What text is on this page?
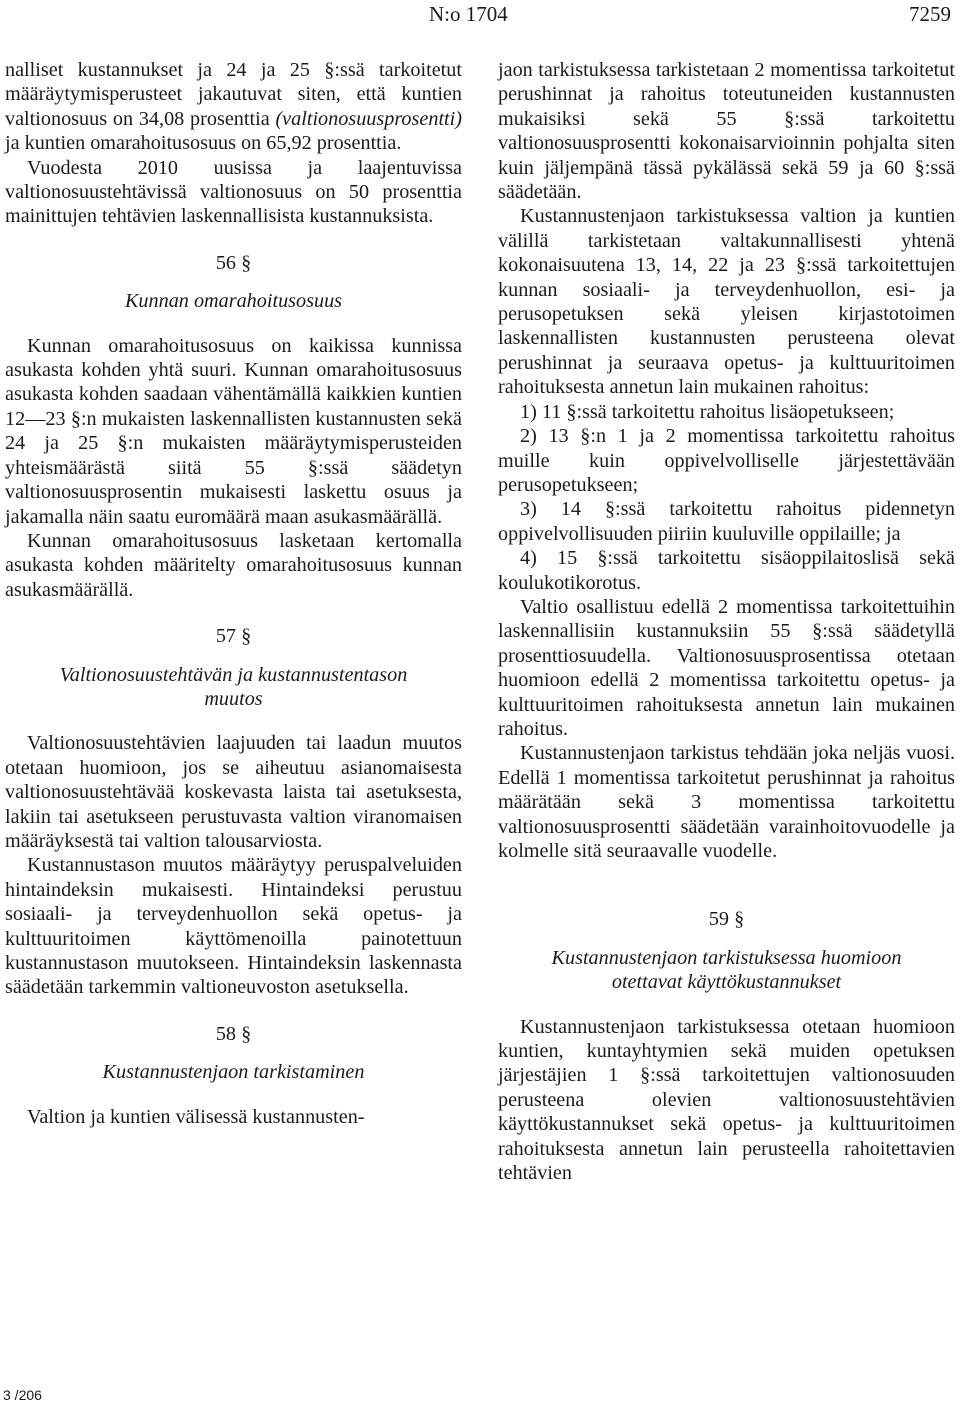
N:o 1704	7259

nalliset kustannukset ja 24 ja 25 §:ssä tarkoitetut määräytymisperusteet jakautuvat siten, että kuntien valtionosuus on 34,08 prosenttia (valtionosuusprosentti) ja kuntien omarahoitusosuus on 65,92 prosenttia.

Vuodesta 2010 uusissa ja laajentuvissa valtionosuustehtävissä valtionosuus on 50 prosenttia mainittujen tehtävien laskennallisista kustannuksista.

56 §
Kunnan omarahoitusosuus

Kunnan omarahoitusosuus on kaikissa kunnissa asukasta kohden yhtä suuri. Kunnan omarahoitusosuus asukasta kohden saadaan vähentämällä kaikkien kuntien 12—23 §:n mukaisten laskennallisten kustannusten sekä 24 ja 25 §:n mukaisten määräytymisperusteiden yhteismäärästä siitä 55 §:ssä säädetyn valtionosuusprosentin mukaisesti laskettu osuus ja jakamalla näin saatu euromäärä maan asukasmäärällä.

Kunnan omarahoitusosuus lasketaan kertomalla asukasta kohden määritelty omarahoitusosuus kunnan asukasmäärällä.

57 §
Valtionosuustehtävän ja kustannustentason
muutos

Valtionosuustehtävien laajuuden tai laadun muutos otetaan huomioon, jos se aiheutuu asianomaisesta valtionosuustehtävää koskevasta laista tai asetuksesta, lakiin tai asetukseen perustuvasta valtion viranomaisen määräyksestä tai valtion talousarviosta.

Kustannustason muutos määräytyy peruspalveluiden hintaindeksin mukaisesti. Hintaindeksi perustuu sosiaali- ja terveydenhuollon sekä opetus- ja kulttuuritoimen käyttömenoilla painotettuun kustannustason muutokseen. Hintaindeksin laskennasta säädetään tarkemmin valtioneuvoston asetuksella.

58 §
Kustannustenjaon tarkistaminen

Valtion ja kuntien välisessä kustannusten-

jaon tarkistuksessa tarkistetaan 2 momentissa tarkoitetut perushinnat ja rahoitus toteutuneiden kustannusten mukaisiksi sekä 55 §:ssä tarkoitettu valtionosuusprosentti kokonaisarvioinnin pohjalta siten kuin jäljempänä tässä pykälässä sekä 59 ja 60 §:ssä säädetään.

Kustannustenjaon tarkistuksessa valtion ja kuntien välillä tarkistetaan valtakunnallisesti yhtenä kokonaisuutena 13, 14, 22 ja 23 §:ssä tarkoitettujen kunnan sosiaali- ja terveydenhuollon, esi- ja perusopetuksen sekä yleisen kirjastotoimen laskennallisten kustannusten perusteena olevat perushinnat ja seuraava opetus- ja kulttuuritoimen rahoituksesta annetun lain mukainen rahoitus:

1) 11 §:ssä tarkoitettu rahoitus lisäopetukseen;

2) 13 §:n 1 ja 2 momentissa tarkoitettu rahoitus muille kuin oppivelvolliselle järjestettävään perusopetukseen;

3) 14 §:ssä tarkoitettu rahoitus pidennetyn oppivelvollisuuden piiriin kuuluville oppilaille; ja

4) 15 §:ssä tarkoitettu sisäoppilaitoslisä sekä koulukotikorotus.

Valtio osallistuu edellä 2 momentissa tarkoitettuihin laskennallisiin kustannuksiin 55 §:ssä säädetyllä prosenttiosuudella. Valtionosuusprosentissa otetaan huomioon edellä 2 momentissa tarkoitettu opetus- ja kulttuuritoimen rahoituksesta annetun lain mukainen rahoitus.

Kustannustenjaon tarkistus tehdään joka neljäs vuosi. Edellä 1 momentissa tarkoitetut perushinnat ja rahoitus määrätään sekä 3 momentissa tarkoitettu valtionosuusprosentti säädetään varainhoitovuodelle ja kolmelle sitä seuraavalle vuodelle.

59 §
Kustannustenjaon tarkistuksessa huomioon
otettavat käyttökustannukset

Kustannustenjaon tarkistuksessa otetaan huomioon kuntien, kuntayhtymien sekä muiden opetuksen järjestäjien 1 §:ssä tarkoitettujen valtionosuuden perusteena olevien valtionosuustehtävien käyttökustannukset sekä opetus- ja kulttuuritoimen rahoituksesta annetun lain perusteella rahoitettavien tehtävien

3 /206
